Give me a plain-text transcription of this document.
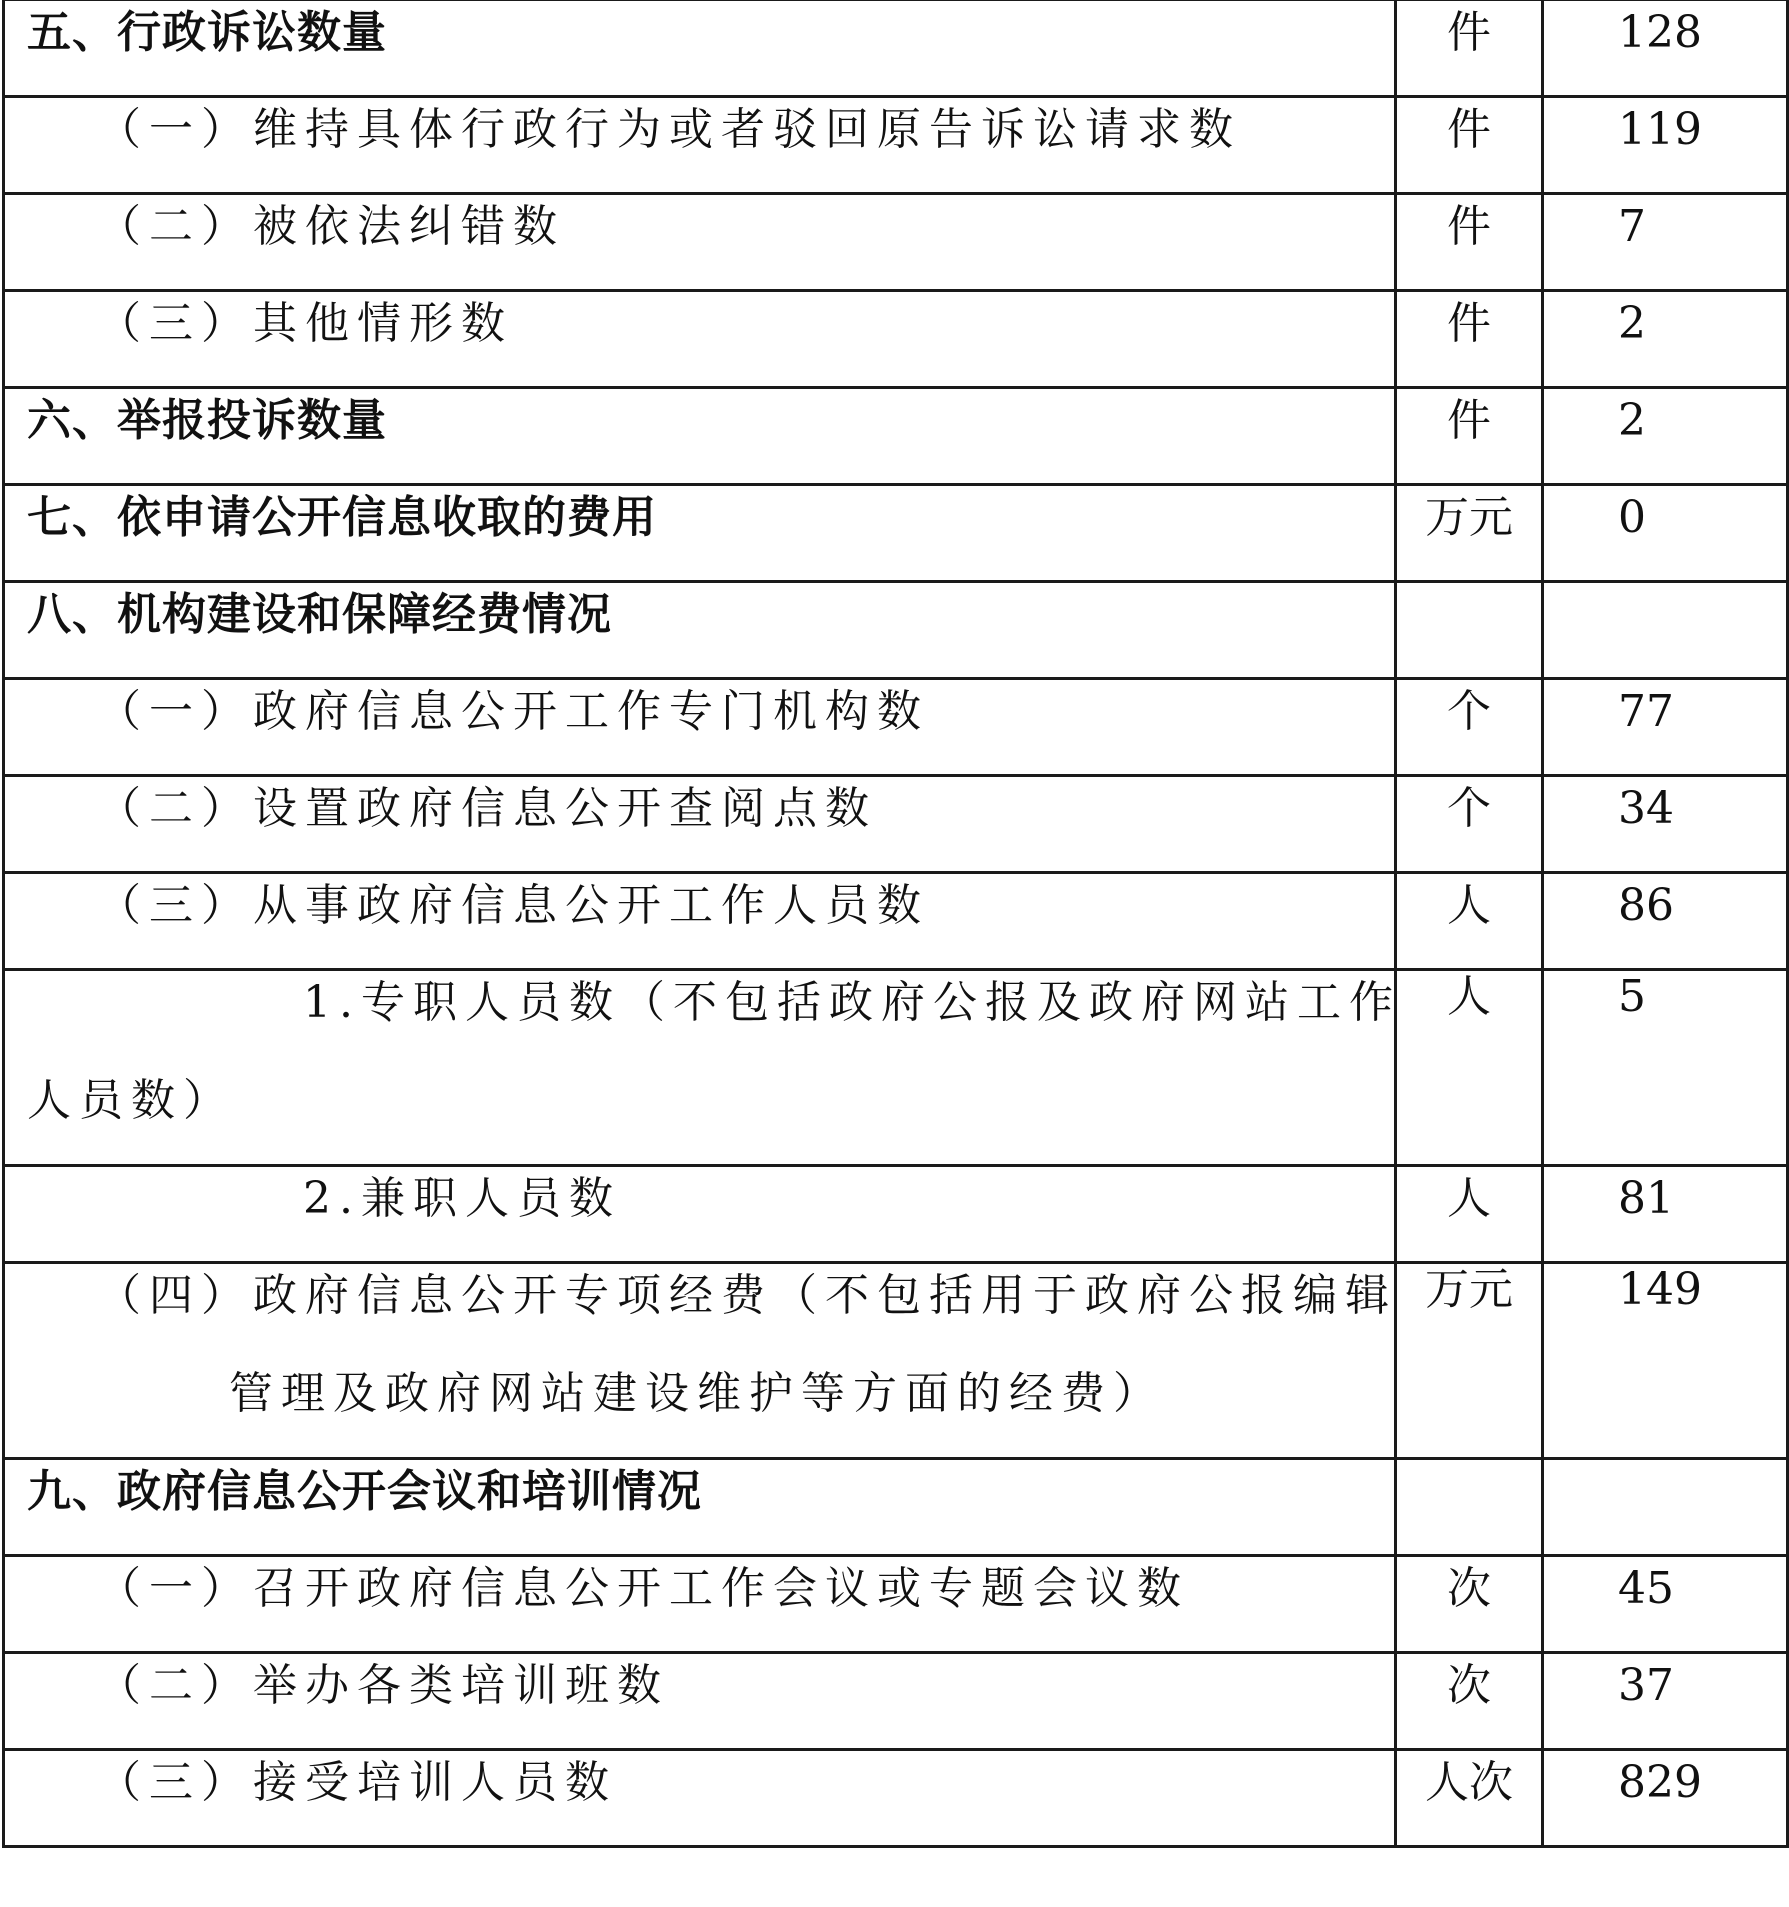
五、行政诉讼数量	件	128

（一）维持具体行政行为或者驳回原告诉讼请求数	件	119

（二）被依法纠错数	件	7

（三）其他情形数	件	2

六、举报投诉数量	件	2

七、依申请公开信息收取的费用	万元	0

八、机构建设和保障经费情况		

（一）政府信息公开工作专门机构数	个	77

（二）设置政府信息公开查阅点数	个	34

（三）从事政府信息公开工作人员数	人	86

1.专职人员数（不包括政府公报及政府网站工作
人员数）	人	5

2.兼职人员数	人	81

（四）政府信息公开专项经费（不包括用于政府公报编辑
管理及政府网站建设维护等方面的经费）	万元	149

九、政府信息公开会议和培训情况		

（一）召开政府信息公开工作会议或专题会议数	次	45

（二）举办各类培训班数	次	37

（三）接受培训人员数	人次	829
